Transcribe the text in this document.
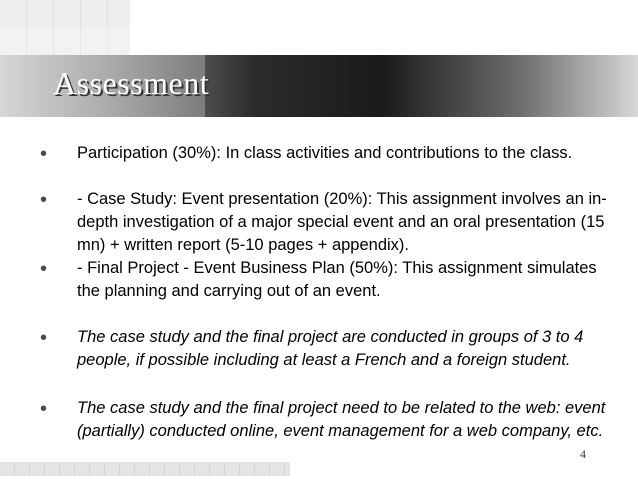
Assessment
• Participation (30%): In class activities and contributions to the class.
• - Case Study: Event presentation (20%): This assignment involves an in-depth investigation of a major special event and an oral presentation (15 mn) + written report (5-10 pages + appendix).
• - Final Project - Event Business Plan (50%): This assignment simulates the planning and carrying out of an event.
• The case study and the final project are conducted in groups of 3 to 4 people, if possible including at least a French and a foreign student.
• The case study and the final project need to be related to the web: event (partially) conducted online, event management for a web company, etc.
4
